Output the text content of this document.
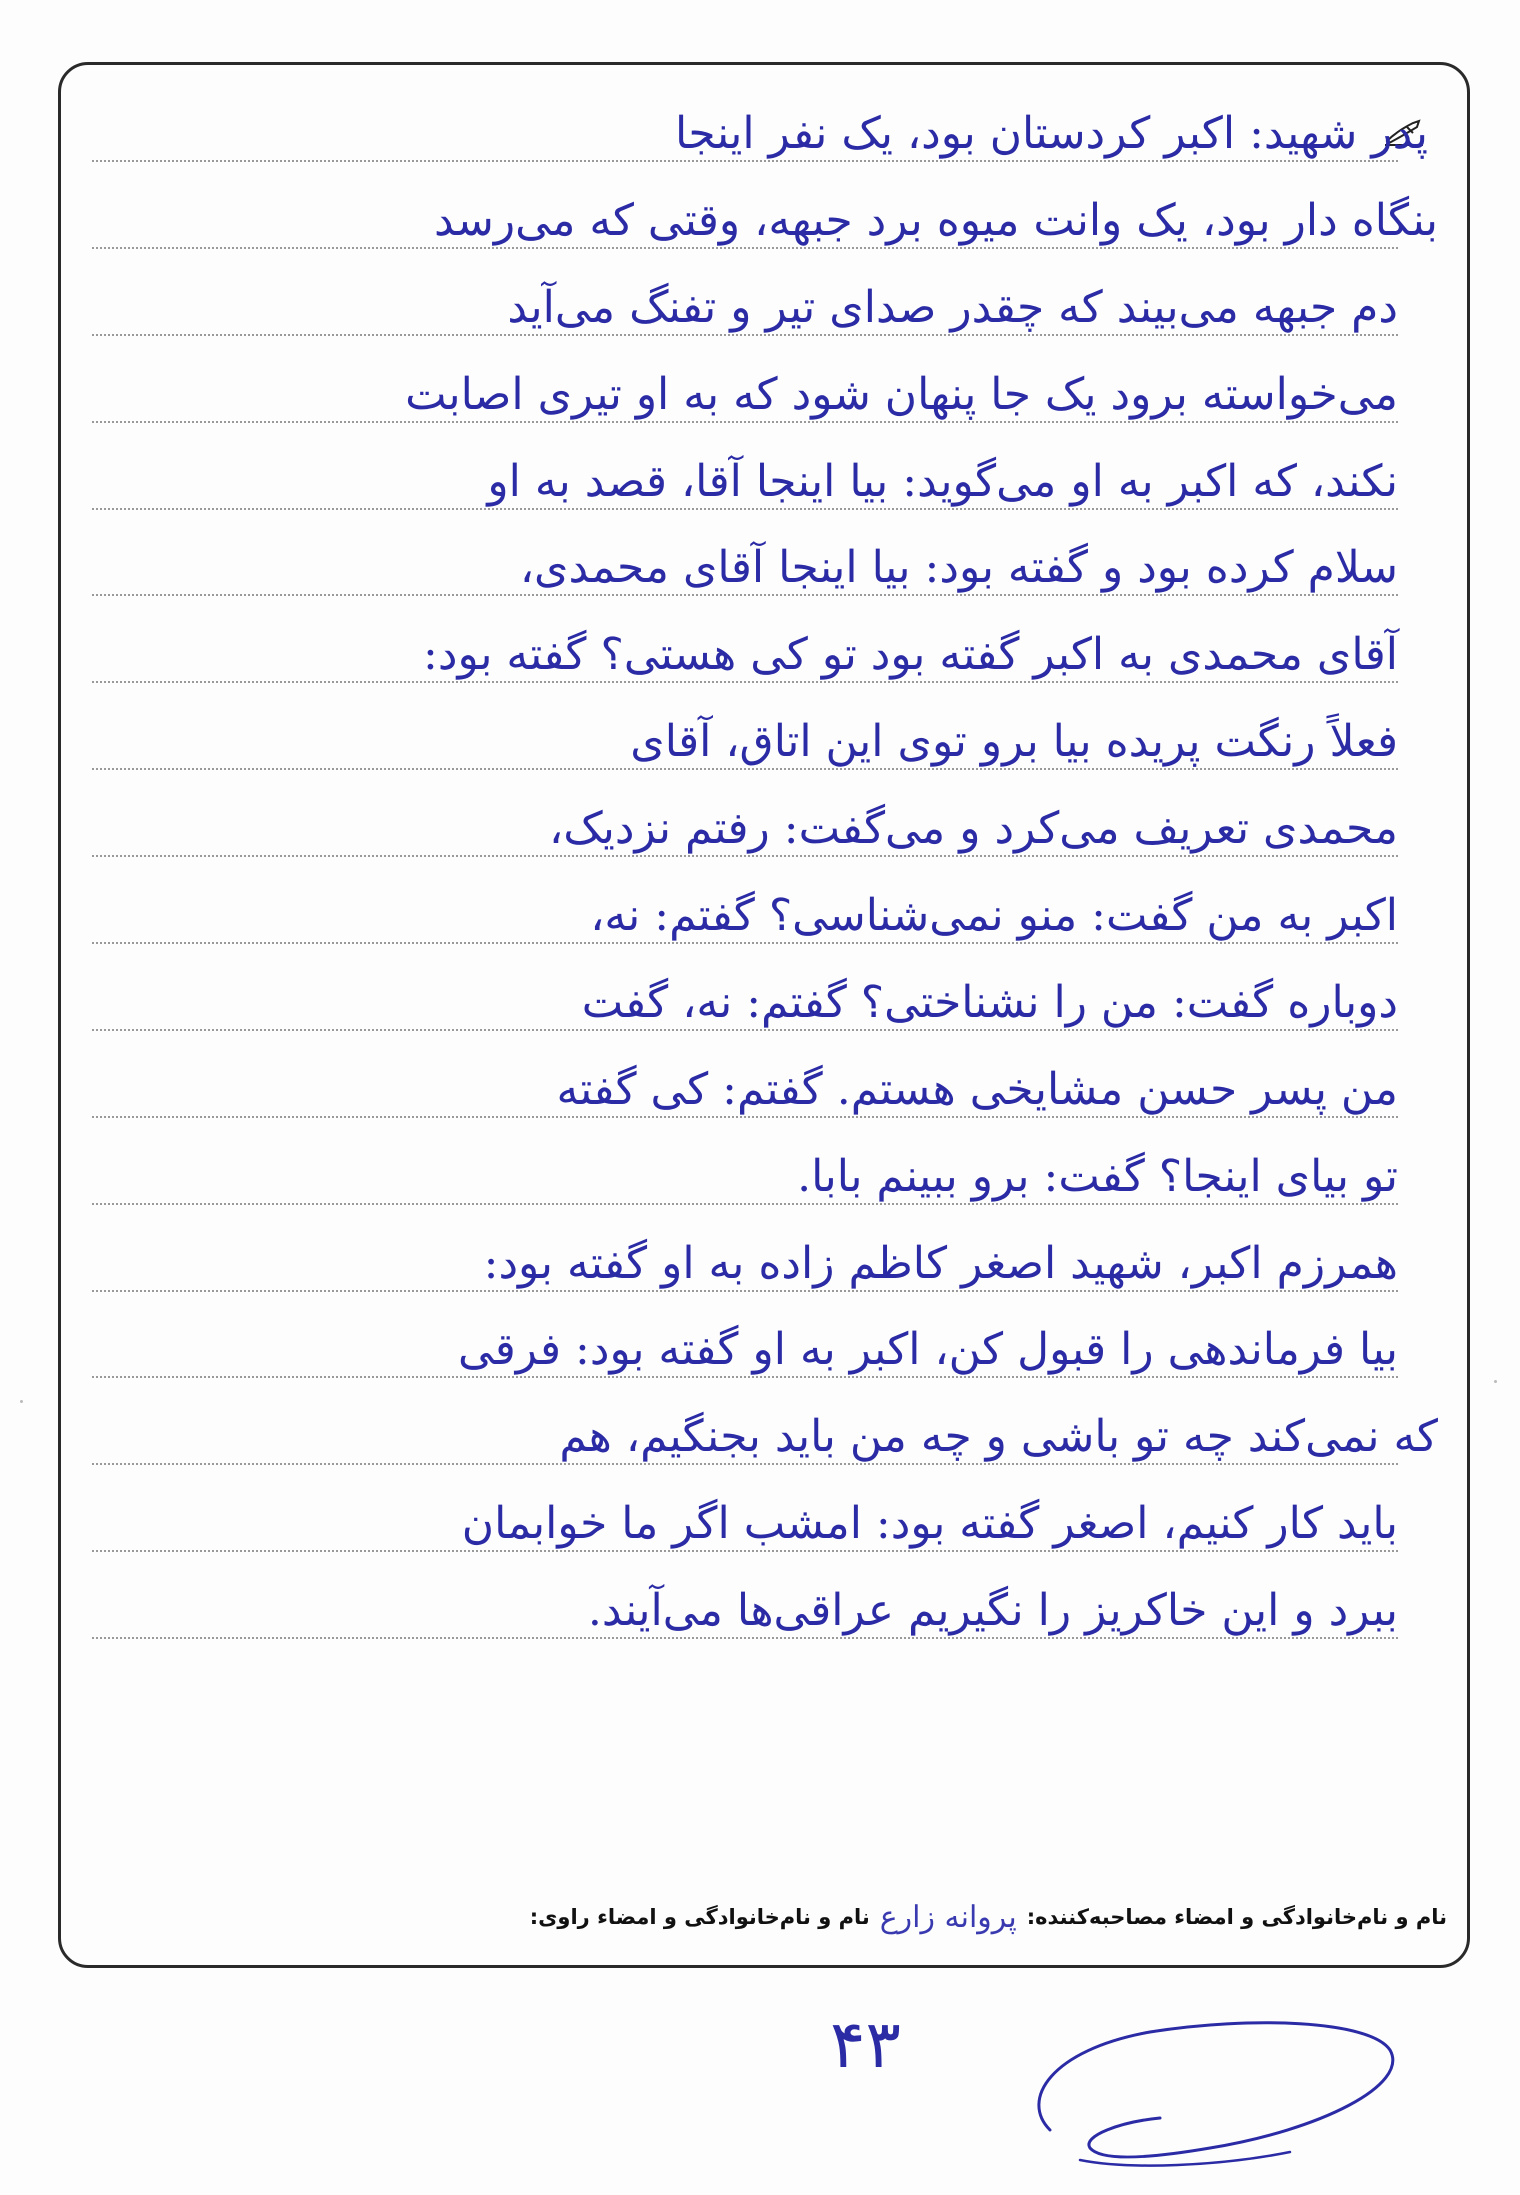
نام و نام‌خانوادگی و امضاء مصاحبه‌کننده:
پروانه زارع
نام و نام‌خانوادگی و امضاء راوی:
پدر شهید: اکبر کردستان بود، یک نفر اینجا
بنگاه دار بود، یک وانت میوه برد جبهه، وقتی که می‌رسد
دم جبهه می‌بیند که چقدر صدای تیر و تفنگ می‌آید
می‌خواسته برود یک جا پنهان شود که به او تیری اصابت
نکند، که اکبر به او می‌گوید: بیا اینجا آقا، قصد به او
سلام کرده بود و گفته بود: بیا اینجا آقای محمدی،
آقای محمدی به اکبر گفته بود تو کی هستی؟ گفته بود:
فعلاً رنگت پریده بیا برو توی این اتاق، آقای
محمدی تعریف می‌کرد و می‌گفت: رفتم نزدیک،
اکبر به من گفت: منو نمی‌شناسی؟ گفتم: نه،
دوباره گفت: من را نشناختی؟ گفتم: نه، گفت
من پسر حسن مشایخی هستم. گفتم: کی گفته
تو بیای اینجا؟ گفت: برو ببینم بابا.
همرزم اکبر، شهید اصغر کاظم زاده به او گفته بود:
بیا فرماندهی را قبول کن، اکبر به او گفته بود: فرقی
که نمی‌کند چه تو باشی و چه من باید بجنگیم، هم
باید کار کنیم، اصغر گفته بود: امشب اگر ما خوابمان
ببرد و این خاکریز را نگیریم عراقی‌ها می‌آیند.
۴۳
